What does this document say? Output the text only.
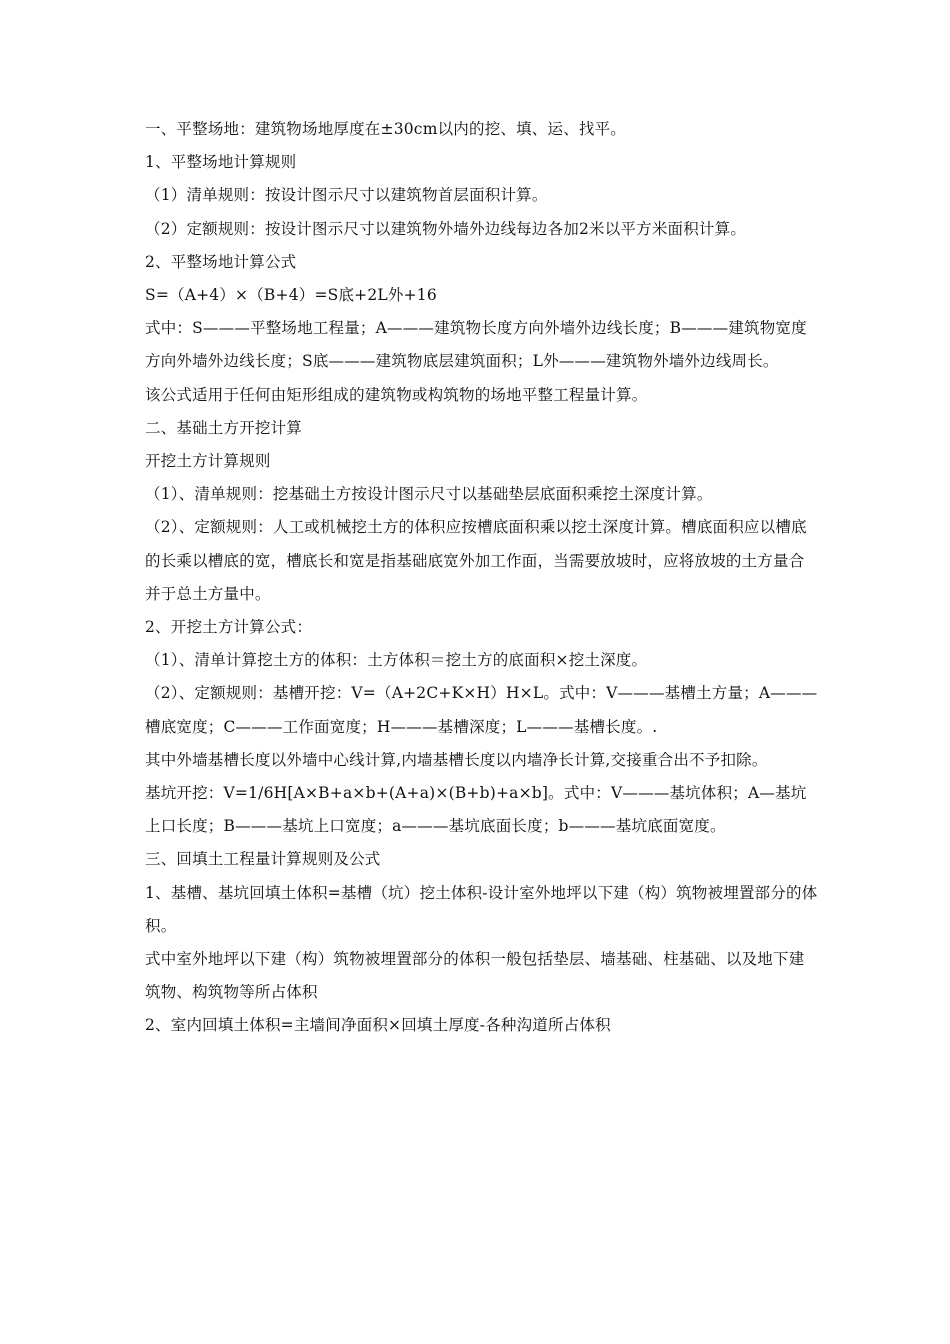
一、平整场地：建筑物场地厚度在±30cm以内的挖、填、运、找平。

1、平整场地计算规则

（1）清单规则：按设计图示尺寸以建筑物首层面积计算。

（2）定额规则：按设计图示尺寸以建筑物外墙外边线每边各加2米以平方米面积计算。

2、平整场地计算公式

S=（A+4）×（B+4）=S底+2L外+16

式中：S———平整场地工程量；A———建筑物长度方向外墙外边线长度；B———建筑物宽度方向外墙外边线长度；S底———建筑物底层建筑面积；L外———建筑物外墙外边线周长。

该公式适用于任何由矩形组成的建筑物或构筑物的场地平整工程量计算。

二、基础土方开挖计算

开挖土方计算规则

（1）、清单规则：挖基础土方按设计图示尺寸以基础垫层底面积乘挖土深度计算。

（2）、定额规则：人工或机械挖土方的体积应按槽底面积乘以挖土深度计算。槽底面积应以槽底的长乘以槽底的宽，槽底长和宽是指基础底宽外加工作面，当需要放坡时，应将放坡的土方量合并于总土方量中。

2、开挖土方计算公式：

（1）、清单计算挖土方的体积：土方体积＝挖土方的底面积×挖土深度。

（2）、定额规则：基槽开挖：V=（A+2C+K×H）H×L。式中：V———基槽土方量；A———槽底宽度；C———工作面宽度；H———基槽深度；L———基槽长度。.

其中外墙基槽长度以外墙中心线计算,内墙基槽长度以内墙净长计算,交接重合出不予扣除。

基坑开挖：V=1/6H[A×B+a×b+(A+a)×(B+b)+a×b]。式中：V———基坑体积；A—基坑上口长度；B———基坑上口宽度；a———基坑底面长度；b———基坑底面宽度。

三、回填土工程量计算规则及公式

1、基槽、基坑回填土体积=基槽（坑）挖土体积-设计室外地坪以下建（构）筑物被埋置部分的体积。

式中室外地坪以下建（构）筑物被埋置部分的体积一般包括垫层、墙基础、柱基础、以及地下建筑物、构筑物等所占体积

2、室内回填土体积=主墙间净面积×回填土厚度-各种沟道所占体积
